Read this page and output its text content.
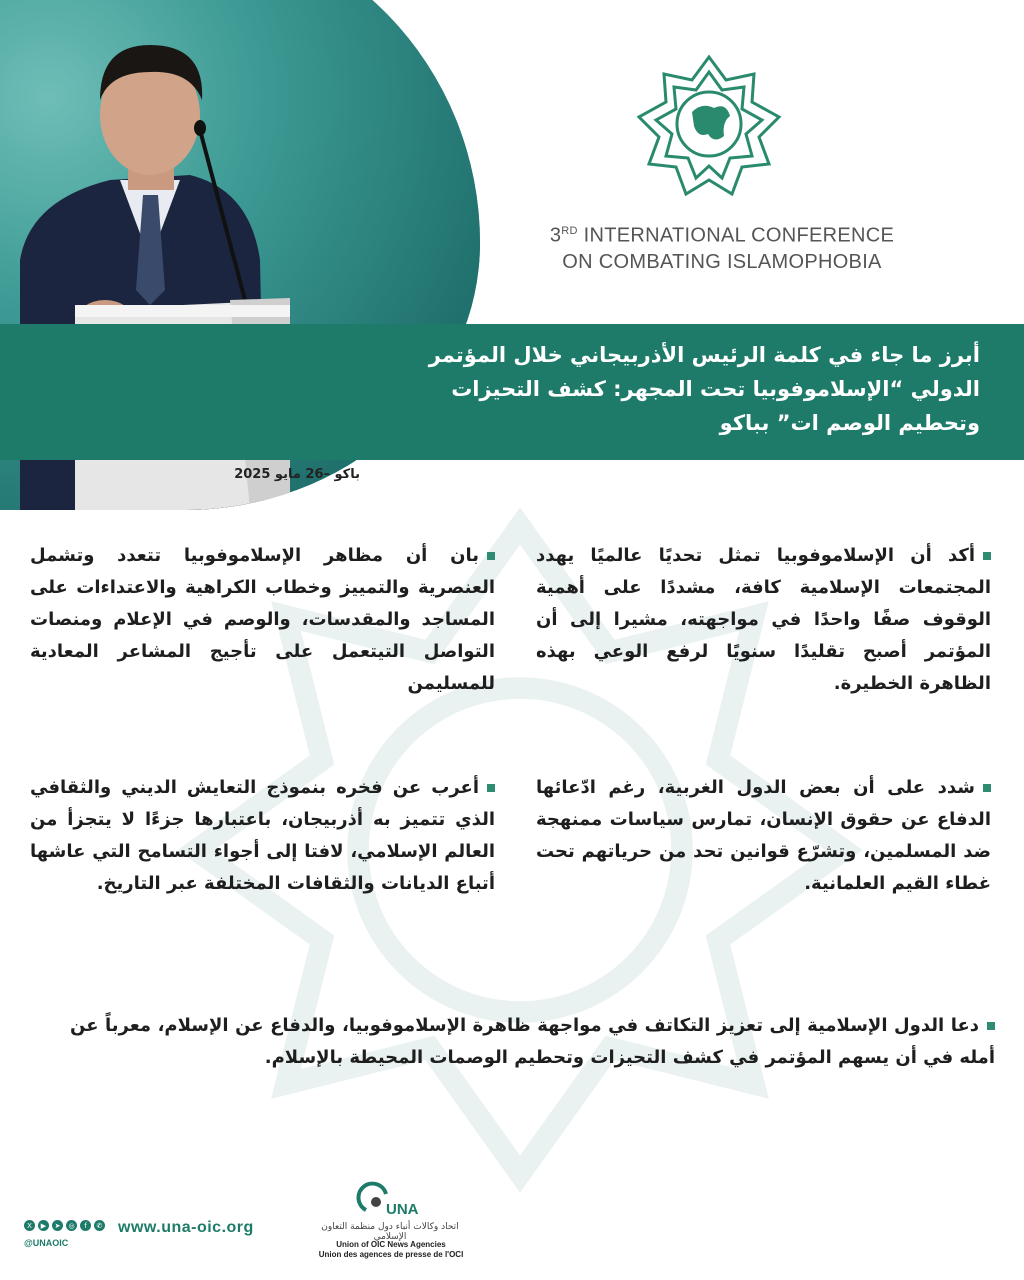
3RD INTERNATIONAL CONFERENCE
ON COMBATING ISLAMOPHOBIA
أبرز ما جاء في كلمة الرئيس الأذربيجاني خلال المؤتمر الدولي “الإسلاموفوبيا تحت المجهر: كشف التحيزات وتحطيم الوصم ات” بباكو
باكو –26 مايو 2025
أكد أن الإسلاموفوبيا تمثل تحديًا عالميًا يهدد المجتمعات الإسلامية كافة، مشددًا على أهمية الوقوف صفًا واحدًا في مواجهته، مشيرا إلى أن المؤتمر أصبح تقليدًا سنويًا لرفع الوعي بهذه الظاهرة الخطيرة.
بان أن مظاهر الإسلاموفوبيا تتعدد وتشمل العنصرية والتمييز وخطاب الكراهية والاعتداءات على المساجد والمقدسات، والوصم في الإعلام ومنصات التواصل التيتعمل على تأجيج المشاعر المعادية للمسليمن
شدد على أن بعض الدول الغربية، رغم ادّعائها الدفاع عن حقوق الإنسان، تمارس سياسات ممنهجة ضد المسلمين، وتشرّع قوانين تحد من حرياتهم تحت غطاء القيم العلمانية.
أعرب عن فخره بنموذج التعايش الديني والثقافي الذي تتميز به أذربيجان، باعتبارها جزءًا لا يتجزأ من العالم الإسلامي، لافتا إلى أجواء التسامح التي عاشها أتباع الديانات والثقافات المختلفة عبر التاريخ.
دعا الدول الإسلامية إلى تعزيز التكاتف في مواجهة ظاهرة الإسلاموفوبيا، والدفاع عن الإسلام، معرباً عن أمله في أن يسهم المؤتمر في كشف التحيزات وتحطيم الوصمات المحيطة بالإسلام.
X	▶	➤	◎	f	✆
@UNAOIC
www.una-oic.org
UNA
اتحاد وكالات أنباء دول منظمة التعاون الإسلامي
Union of OIC News Agencies
Union des agences de presse de l'OCI
